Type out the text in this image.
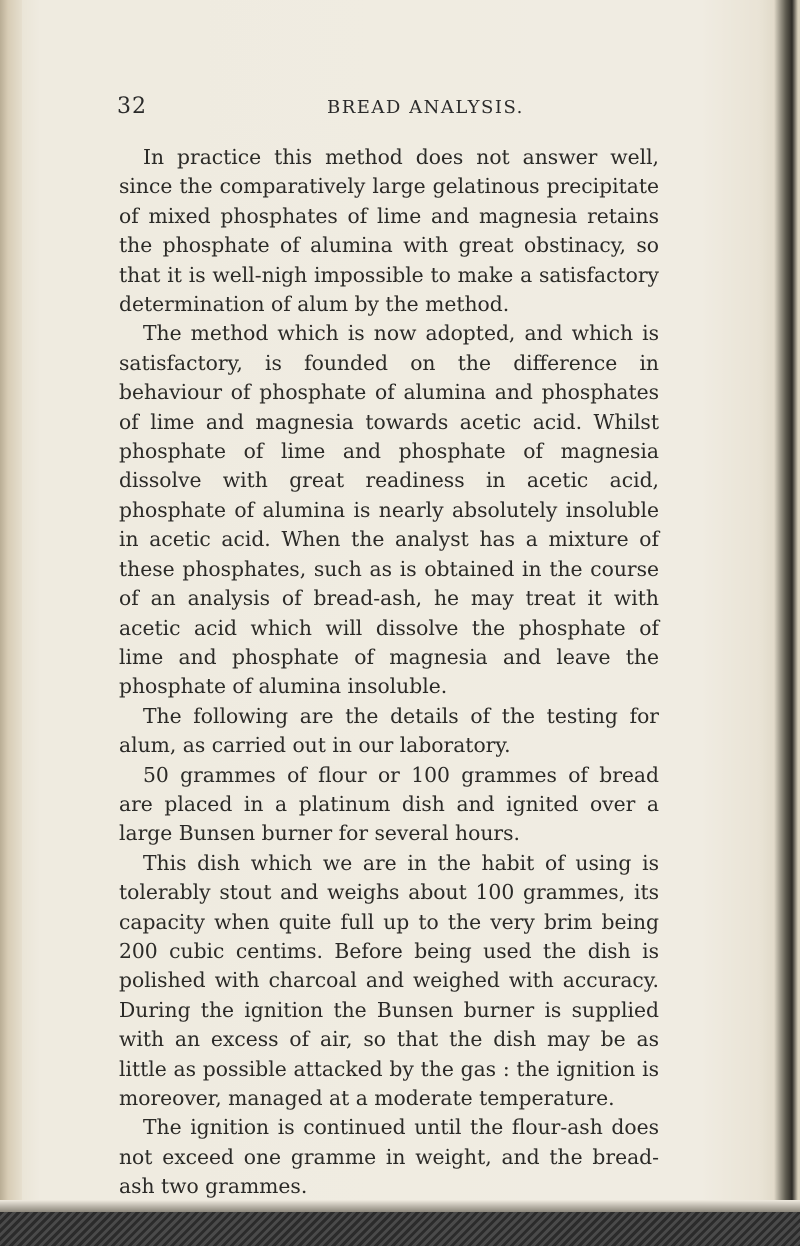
32	BREAD ANALYSIS.

In practice this method does not answer well, since the comparatively large gelatinous precipitate of mixed phosphates of lime and magnesia retains the phosphate of alumina with great obstinacy, so that it is well-nigh impossible to make a satisfactory determination of alum by the method.

The method which is now adopted, and which is satisfactory, is founded on the difference in behaviour of phosphate of alumina and phosphates of lime and magnesia towards acetic acid. Whilst phosphate of lime and phosphate of magnesia dissolve with great readiness in acetic acid, phosphate of alumina is nearly absolutely insoluble in acetic acid. When the analyst has a mixture of these phosphates, such as is obtained in the course of an analysis of bread-ash, he may treat it with acetic acid which will dissolve the phosphate of lime and phosphate of magnesia and leave the phosphate of alumina insoluble.

The following are the details of the testing for alum, as carried out in our laboratory.

50 grammes of flour or 100 grammes of bread are placed in a platinum dish and ignited over a large Bunsen burner for several hours.

This dish which we are in the habit of using is tolerably stout and weighs about 100 grammes, its capacity when quite full up to the very brim being 200 cubic centims. Before being used the dish is polished with charcoal and weighed with accuracy. During the ignition the Bunsen burner is supplied with an excess of air, so that the dish may be as little as possible attacked by the gas : the ignition is moreover, managed at a moderate temperature.

The ignition is continued until the flour-ash does not exceed one gramme in weight, and the bread-ash two grammes.
